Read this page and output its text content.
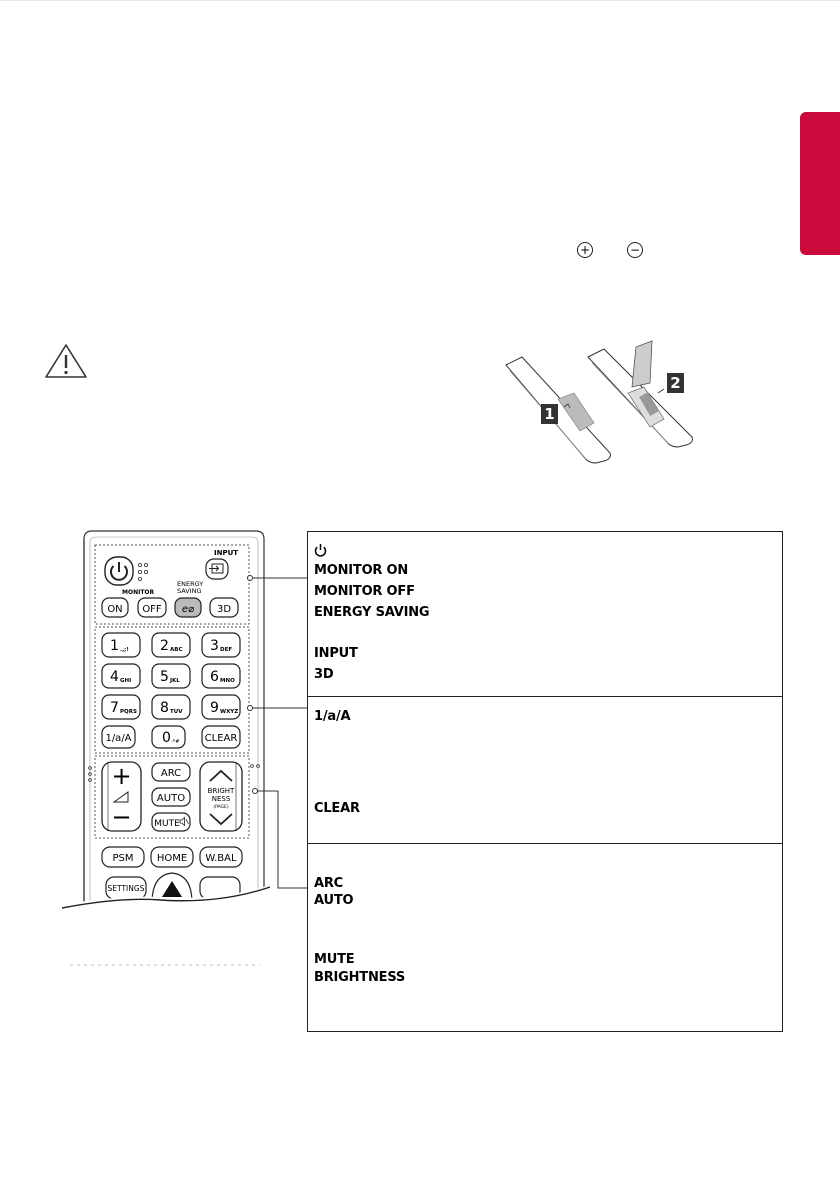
+	−
1
2
INPUT
MONITOR
ENERGY
SAVING
ON OFF e⌀ 3D
1 .,;! 2 ABC 3 DEF
4 GHI 5 JKL 6 MNO
7 PQRS 8 TUV 9 WXYZ
1/a/A 0 -*#	CLEAR
+
−
ARC
AUTO
MUTE
BRIGHT
NESS
(PAGE)
PSM HOME W.BAL
SETTINGS
MONITOR ON
MONITOR OFF
ENERGY SAVING
INPUT
3D
1/a/A
CLEAR
ARC
AUTO
MUTE
BRIGHTNESS
